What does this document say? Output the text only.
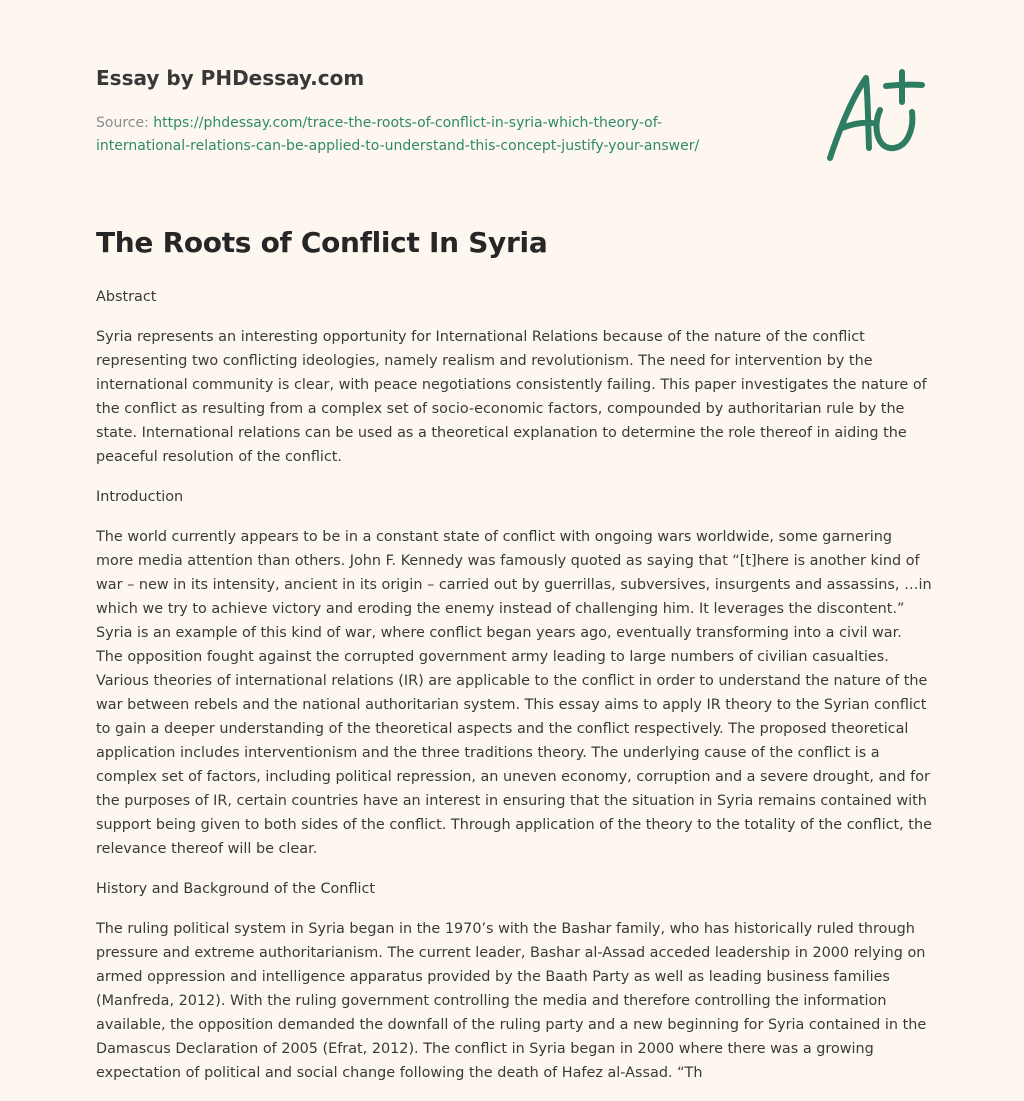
Essay by PHDessay.com
Source: https://phdessay.com/trace-the-roots-of-conflict-in-syria-which-theory-of-
international-relations-can-be-applied-to-understand-this-concept-justify-your-answer/
The Roots of Conflict In Syria

Abstract

Syria represents an interesting opportunity for International Relations because of the nature of the conflict representing two conflicting ideologies, namely realism and revolutionism. The need for intervention by the international community is clear, with peace negotiations consistently failing. This paper investigates the nature of the conflict as resulting from a complex set of socio-economic factors, compounded by authoritarian rule by the state. International relations can be used as a theoretical explanation to determine the role thereof in aiding the peaceful resolution of the conflict.

Introduction

The world currently appears to be in a constant state of conflict with ongoing wars worldwide, some garnering more media attention than others. John F. Kennedy was famously quoted as saying that “[t]here is another kind of war – new in its intensity, ancient in its origin – carried out by guerrillas, subversives, insurgents and assassins, …in which we try to achieve victory and eroding the enemy instead of challenging him. It leverages the discontent.” Syria is an example of this kind of war, where conflict began years ago, eventually transforming into a civil war. The opposition fought against the corrupted government army leading to large numbers of civilian casualties. Various theories of international relations (IR) are applicable to the conflict in order to understand the nature of the war between rebels and the national authoritarian system. This essay aims to apply IR theory to the Syrian conflict to gain a deeper understanding of the theoretical aspects and the conflict respectively. The proposed theoretical application includes interventionism and the three traditions theory. The underlying cause of the conflict is a complex set of factors, including political repression, an uneven economy, corruption and a severe drought, and for the purposes of IR, certain countries have an interest in ensuring that the situation in Syria remains contained with support being given to both sides of the conflict. Through application of the theory to the totality of the conflict, the relevance thereof will be clear.

History and Background of the Conflict

The ruling political system in Syria began in the 1970’s with the Bashar family, who has historically ruled through pressure and extreme authoritarianism. The current leader, Bashar al-Assad acceded leadership in 2000 relying on armed oppression and intelligence apparatus provided by the Baath Party as well as leading business families (Manfreda, 2012). With the ruling government controlling the media and therefore controlling the information available, the opposition demanded the downfall of the ruling party and a new beginning for Syria contained in the Damascus Declaration of 2005 (Efrat, 2012). The conflict in Syria began in 2000 where there was a growing expectation of political and social change following the death of Hafez al-Assad. “Th
